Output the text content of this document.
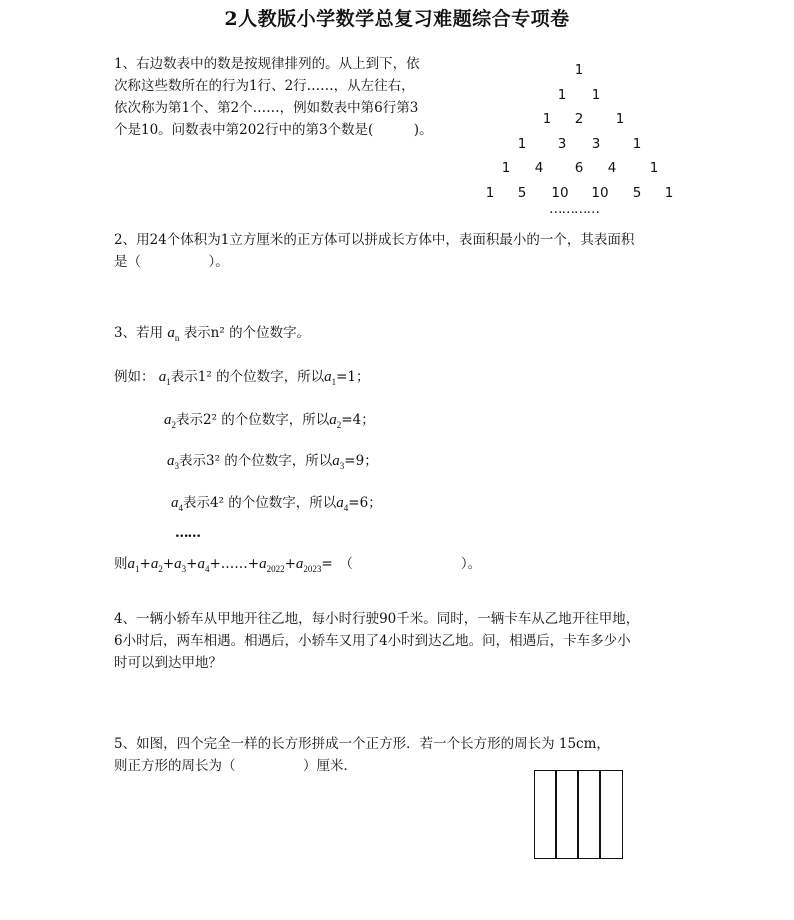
2人教版小学数学总复习难题综合专项卷
1、右边数表中的数是按规律排列的。从上到下，依
次称这些数所在的行为1行、2行……，从左往右，
依次称为第1个、第2个……，例如数表中第6行第3
个是10。问数表中第202行中的第3个数是(　　　)。
1
1 1
1 2 1
1 3 3 1
1 4 6 4 1
1 5 10 10 5 1
…………
2、用24个体积为1立方厘米的正方体可以拼成长方体中，表面积最小的一个，其表面积
是（　　　　　）。
3、若用 $a_n$ 表示n² 的个位数字。
例如： $a_1$表示1² 的个位数字，所以$a_1=1$；
$a_2$表示2² 的个位数字，所以$a_2=4$；
$a_3$表示3² 的个位数字，所以$a_3=9$；
$a_4$表示4² 的个位数字，所以$a_4=6$；
……
则$a_1+a_2+a_3+a_4+\dots\dots+a_{2022}+a_{2023}=$　（　　　　　　　　）。
4、一辆小轿车从甲地开往乙地，每小时行驶90千米。同时，一辆卡车从乙地开往甲地，
6小时后，两车相遇。相遇后，小轿车又用了4小时到达乙地。问，相遇后，卡车多少小
时可以到达甲地？
5、如图，四个完全一样的长方形拼成一个正方形．若一个长方形的周长为 15cm，
则正方形的周长为（　　　　　）厘米．
